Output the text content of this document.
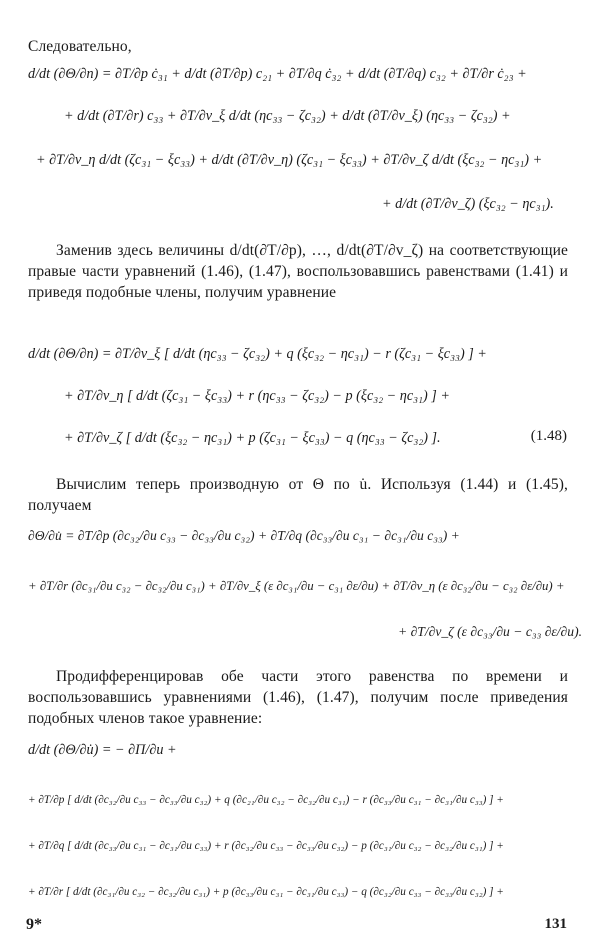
Следовательно,
d/dt (∂Θ/∂n) = ∂T/∂p ċ₃₁ + d/dt (∂T/∂p) c₂₁ + ∂T/∂q ċ₃₂ + d/dt (∂T/∂q) c₃₂ + ∂T/∂r ċ₂₃ +
+ d/dt (∂T/∂r) c₃₃ + ∂T/∂v_ξ d/dt (ηc₃₃ − ζc₃₂) + d/dt (∂T/∂v_ξ) (ηc₃₃ − ζc₃₂) +
+ ∂T/∂v_η d/dt (ζc₃₁ − ξc₃₃) + d/dt (∂T/∂v_η) (ζc₃₁ − ξc₃₃) + ∂T/∂v_ζ d/dt (ξc₃₂ − ηc₃₁) +
+ d/dt (∂T/∂v_ζ) (ξc₃₂ − ηc₃₁).
Заменив здесь величины d/dt(∂T/∂p), …, d/dt(∂T/∂v_ζ) на соответствующие правые части уравнений (1.46), (1.47), воспользовавшись равенствами (1.41) и приведя подобные члены, получим уравнение
d/dt (∂Θ/∂n) = ∂T/∂v_ξ [ d/dt (ηc₃₃ − ζc₃₂) + q (ξc₃₂ − ηc₃₁) − r (ζc₃₁ − ξc₃₃) ] +
+ ∂T/∂v_η [ d/dt (ζc₃₁ − ξc₃₃) + r (ηc₃₃ − ζc₃₂) − p (ξc₃₂ − ηc₃₁) ] +
+ ∂T/∂v_ζ [ d/dt (ξc₃₂ − ηc₃₁) + p (ζc₃₁ − ξc₃₃) − q (ηc₃₃ − ζc₃₂) ].	(1.48)
Вычислим теперь производную от Θ по u̇. Используя (1.44) и (1.45), получаем
∂Θ/∂u̇ = ∂T/∂p (∂c₃₂/∂u c₃₃ − ∂c₃₃/∂u c₃₂) + ∂T/∂q (∂c₃₃/∂u c₃₁ − ∂c₃₁/∂u c₃₃) +
+ ∂T/∂r (∂c₃₁/∂u c₃₂ − ∂c₃₂/∂u c₃₁) + ∂T/∂v_ξ (ε ∂c₃₁/∂u − c₃₁ ∂ε/∂u) + ∂T/∂v_η (ε ∂c₃₂/∂u − c₃₂ ∂ε/∂u) +
+ ∂T/∂v_ζ (ε ∂c₃₃/∂u − c₃₃ ∂ε/∂u).
Продифференцировав обе части этого равенства по времени и воспользовавшись уравнениями (1.46), (1.47), получим после приведения подобных членов такое уравнение:
d/dt (∂Θ/∂u̇) = − ∂Π/∂u +
+ ∂T/∂p [ d/dt (∂c₃₂/∂u c₃₃ − ∂c₃₃/∂u c₃₂) + q (∂c₂₁/∂u c₃₂ − ∂c₃₂/∂u c₃₁) − r (∂c₃₃/∂u c₃₁ − ∂c₃₁/∂u c₃₃) ] +
+ ∂T/∂q [ d/dt (∂c₃₃/∂u c₃₁ − ∂c₃₁/∂u c₃₃) + r (∂c₃₂/∂u c₃₃ − ∂c₃₃/∂u c₃₂) − p (∂c₃₁/∂u c₃₂ − ∂c₃₂/∂u c₃₁) ] +
+ ∂T/∂r [ d/dt (∂c₃₁/∂u c₃₂ − ∂c₃₂/∂u c₃₁) + p (∂c₃₃/∂u c₃₁ − ∂c₃₁/∂u c₃₃) − q (∂c₃₂/∂u c₃₃ − ∂c₃₃/∂u c₃₂) ] +
9*	131
